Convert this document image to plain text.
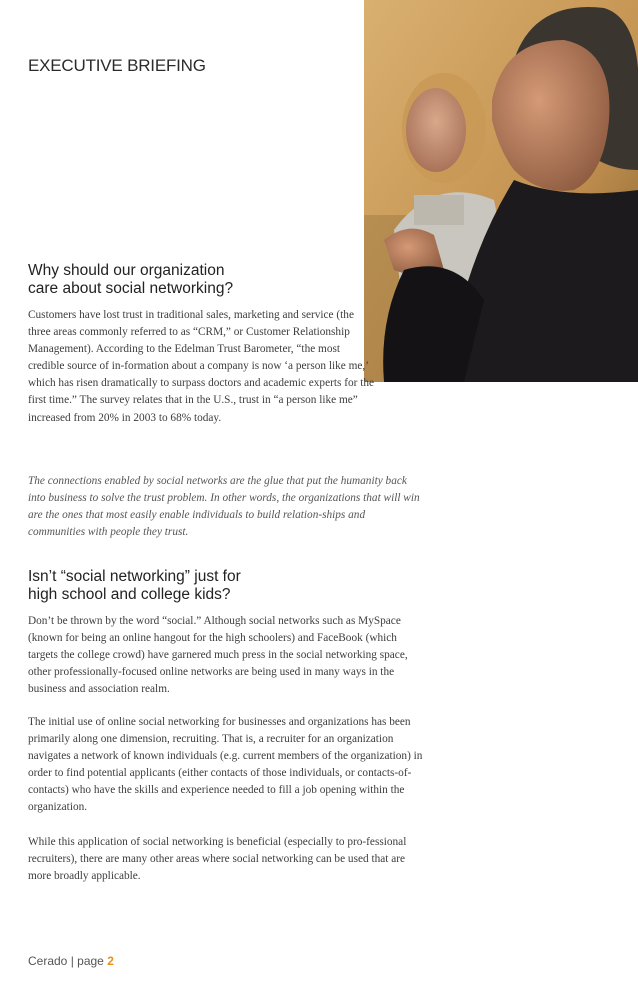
EXECUTIVE BRIEFING
Why should our organization
care about social networking?

Customers have lost trust in traditional sales, marketing and service (the three areas commonly referred to as “CRM,” or Customer Relationship Management). According to the Edelman Trust Barometer, “the most credible source of in-formation about a company is now ‘a person like me,’ which has risen dramatically to surpass doctors and academic experts for the first time.” The survey relates that in the U.S., trust in “a person like me” increased from 20% in 2003 to 68% today.

The connections enabled by social networks are the glue that put the humanity back into business to solve the trust problem. In other words, the organizations that will win are the ones that most easily enable individuals to build relation-ships and communities with people they trust.

Isn’t “social networking” just for
high school and college kids?

Don’t be thrown by the word “social.” Although social networks such as MySpace (known for being an online hangout for the high schoolers) and FaceBook (which targets the college crowd) have garnered much press in the social networking space, other professionally-focused online networks are being used in many ways in the business and association realm.

The initial use of online social networking for businesses and organizations has been primarily along one dimension, recruiting. That is, a recruiter for an organization navigates a network of known individuals (e.g. current members of the organization) in order to find potential applicants (either contacts of those individuals, or contacts-of-contacts) who have the skills and experience needed to fill a job opening within the organization.

While this application of social networking is beneficial (especially to pro-fessional recruiters), there are many other areas where social networking can be used that are more broadly applicable.

Cerado | page 2
